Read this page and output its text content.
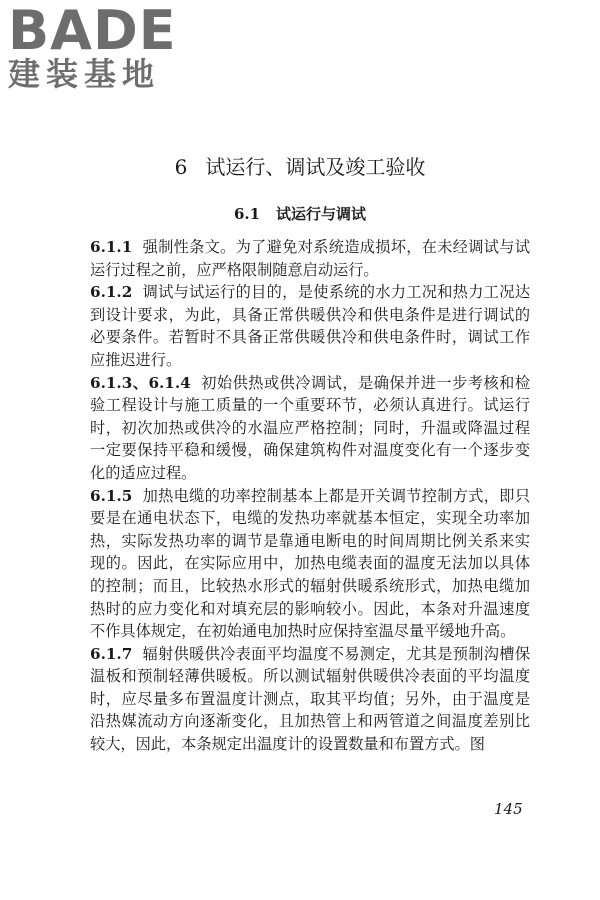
BADE
建装基地
6 试运行、调试及竣工验收
6.1 试运行与调试

6.1.1 强制性条文。为了避免对系统造成损坏，在未经调试与试运行过程之前，应严格限制随意启动运行。

6.1.2 调试与试运行的目的，是使系统的水力工况和热力工况达到设计要求，为此，具备正常供暖供冷和供电条件是进行调试的必要条件。若暂时不具备正常供暖供冷和供电条件时，调试工作应推迟进行。

6.1.3、6.1.4 初始供热或供冷调试，是确保并进一步考核和检验工程设计与施工质量的一个重要环节，必须认真进行。试运行时，初次加热或供冷的水温应严格控制；同时，升温或降温过程一定要保持平稳和缓慢，确保建筑构件对温度变化有一个逐步变化的适应过程。

6.1.5 加热电缆的功率控制基本上都是开关调节控制方式，即只要是在通电状态下，电缆的发热功率就基本恒定，实现全功率加热，实际发热功率的调节是靠通电断电的时间周期比例关系来实现的。因此，在实际应用中，加热电缆表面的温度无法加以具体的控制；而且，比较热水形式的辐射供暖系统形式，加热电缆加热时的应力变化和对填充层的影响较小。因此，本条对升温速度不作具体规定，在初始通电加热时应保持室温尽量平缓地升高。

6.1.7 辐射供暖供冷表面平均温度不易测定，尤其是预制沟槽保温板和预制轻薄供暖板。所以测试辐射供暖供冷表面的平均温度时，应尽量多布置温度计测点，取其平均值；另外，由于温度是沿热媒流动方向逐渐变化，且加热管上和两管道之间温度差别比较大，因此，本条规定出温度计的设置数量和布置方式。图

145
